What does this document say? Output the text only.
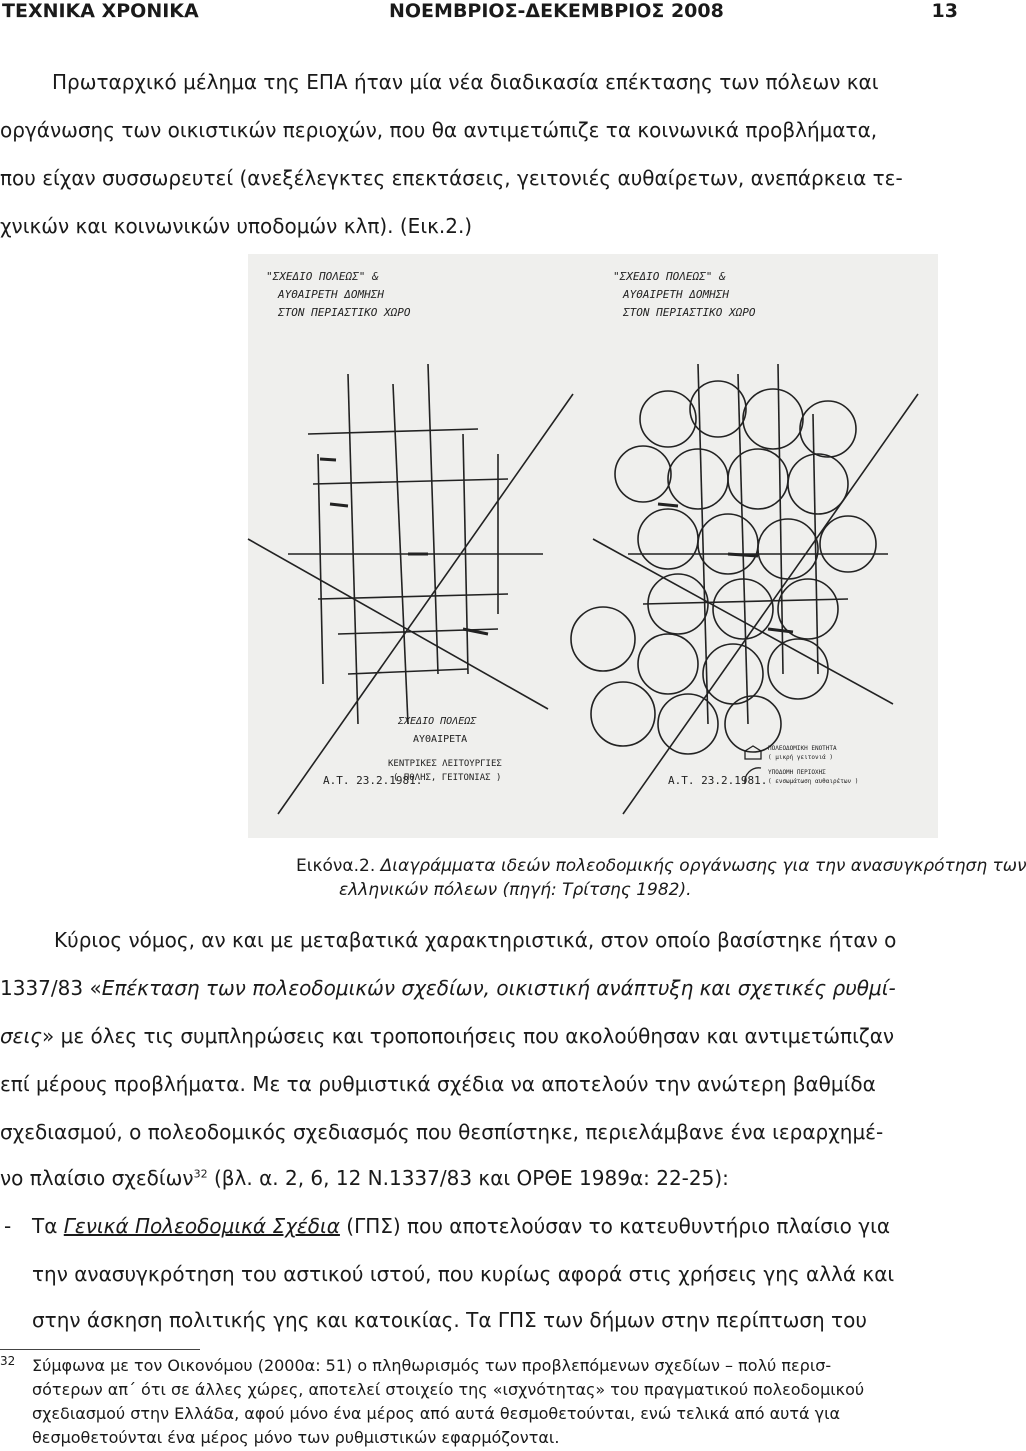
ΤΕΧΝΙΚΑ ΧΡΟΝΙΚΑ	ΝΟΕΜΒΡΙΟΣ-ΔΕΚΕΜΒΡΙΟΣ 2008	13
Πρωταρχικό μέλημα της ΕΠΑ ήταν μία νέα διαδικασία επέκτασης των πόλεων και
οργάνωσης των οικιστικών περιοχών, που θα αντιμετώπιζε τα κοινωνικά προβλήματα,
που είχαν συσσωρευτεί (ανεξέλεγκτες επεκτάσεις, γειτονιές αυθαίρετων, ανεπάρκεια τε-
χνικών και κοινωνικών υποδομών κλπ). (Εικ.2.)
"ΣΧΕΔΙΟ ΠΟΛΕΩΣ" &
ΑΥΘΑΙΡΕΤΗ ΔΟΜΗΣΗ
ΣΤΟΝ ΠΕΡΙΑΣΤΙΚΟ ΧΩΡΟ
Α.Τ. 23.2.1981.
ΣΧΕΔΙΟ ΠΟΛΕΩΣ
ΑΥΘΑΙΡΕΤΑ
ΚΕΝΤΡΙΚΕΣ ΛΕΙΤΟΥΡΓΙΕΣ
( ΠΟΛΗΣ, ΓΕΙΤΟΝΙΑΣ )
"ΣΧΕΔΙΟ ΠΟΛΕΩΣ" &
ΑΥΘΑΙΡΕΤΗ ΔΟΜΗΣΗ
ΣΤΟΝ ΠΕΡΙΑΣΤΙΚΟ ΧΩΡΟ
Α.Τ. 23.2.1981.
ΠΟΛΕΟΔΟΜΙΚΗ ΕΝΟΤΗΤΑ
( μικρή γειτονιά )
ΥΠΟΔΟΜΗ ΠΕΡΙΟΧΗΣ
( ενσωμάτωση αυθαιρέτων )
Εικόνα.2. Διαγράμματα ιδεών πολεοδομικής οργάνωσης για την ανασυγκρότηση των
ελληνικών πόλεων (πηγή: Τρίτσης 1982).
Κύριος νόμος, αν και με μεταβατικά χαρακτηριστικά, στον οποίο βασίστηκε ήταν ο
1337/83 «Επέκταση των πολεοδομικών σχεδίων, οικιστική ανάπτυξη και σχετικές ρυθμί-
σεις» με όλες τις συμπληρώσεις και τροποποιήσεις που ακολούθησαν και αντιμετώπιζαν
επί μέρους προβλήματα. Με τα ρυθμιστικά σχέδια να αποτελούν την ανώτερη βαθμίδα
σχεδιασμού, ο πολεοδομικός σχεδιασμός που θεσπίστηκε, περιελάμβανε ένα ιεραρχημέ-
νο πλαίσιο σχεδίων$^{32}$ (βλ. α. 2, 6, 12 Ν.1337/83 και ΟΡΘΕ 1989α: 22-25):
- Τα Γενικά Πολεοδομικά Σχέδια (ΓΠΣ) που αποτελούσαν το κατευθυντήριο πλαίσιο για
την ανασυγκρότηση του αστικού ιστού, που κυρίως αφορά στις χρήσεις γης αλλά και
στην άσκηση πολιτικής γης και κατοικίας. Τα ΓΠΣ των δήμων στην περίπτωση του
32 Σύμφωνα με τον Οικονόμου (2000α: 51) ο πληθωρισμός των προβλεπόμενων σχεδίων – πολύ περισ-
σότερων απ΄ ότι σε άλλες χώρες, αποτελεί στοιχείο της «ισχνότητας» του πραγματικού πολεοδομικού
σχεδιασμού στην Ελλάδα, αφού μόνο ένα μέρος από αυτά θεσμοθετούνται, ενώ τελικά από αυτά για
θεσμοθετούνται ένα μέρος μόνο των ρυθμιστικών εφαρμόζονται.
